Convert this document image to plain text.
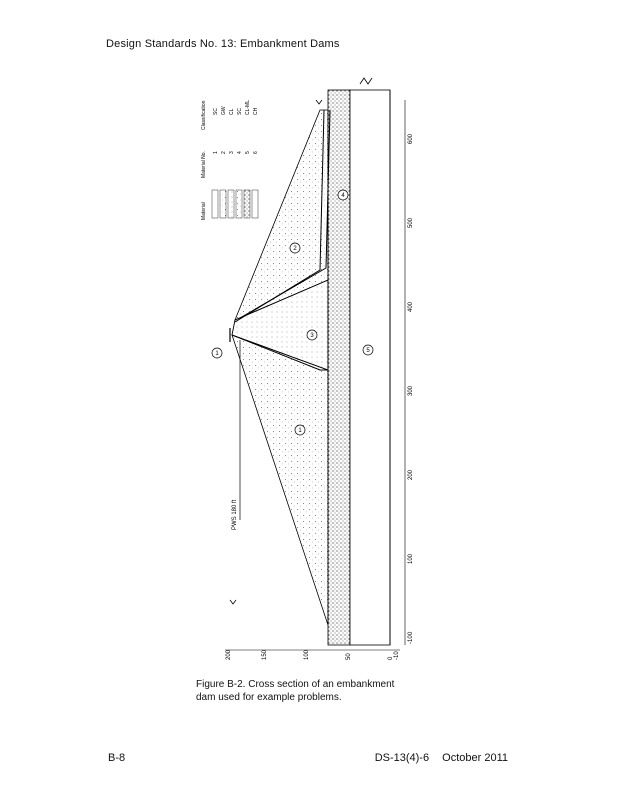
Design Standards No. 13: Embankment Dams
PWS 180 ft
1
2
3
1
4
5
-10
0
100
200
300
400
500
600
200	150	100	50	0 -10
Material
Material No.
Classification
1 2 3 4 5 6
SC GW CL SC CL-ML CH
Figure B-2. Cross section of an embankment
dam used for example problems.
B-8	DS-13(4)-6 October 2011
